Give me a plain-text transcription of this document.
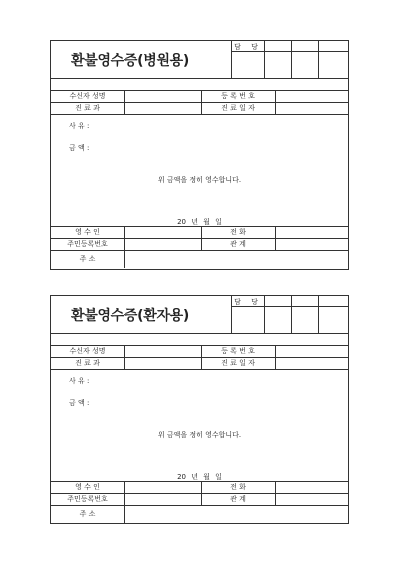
환불영수증(병원용)
담 당
수신자 성명	등 록 번 호
진 료 과	진 료 일 자
사 유 :
금 액 :
위 금액을 정히 영수합니다.
20 년 월 일
영 수 인	전 화
주민등록번호	관 계
주 소
환불영수증(환자용)
담 당
수신자 성명	등 록 번 호
진 료 과	진 료 일 자
사 유 :
금 액 :
위 금액을 정히 영수합니다.
20 년 월 일
영 수 인	전 화
주민등록번호	관 계
주 소
